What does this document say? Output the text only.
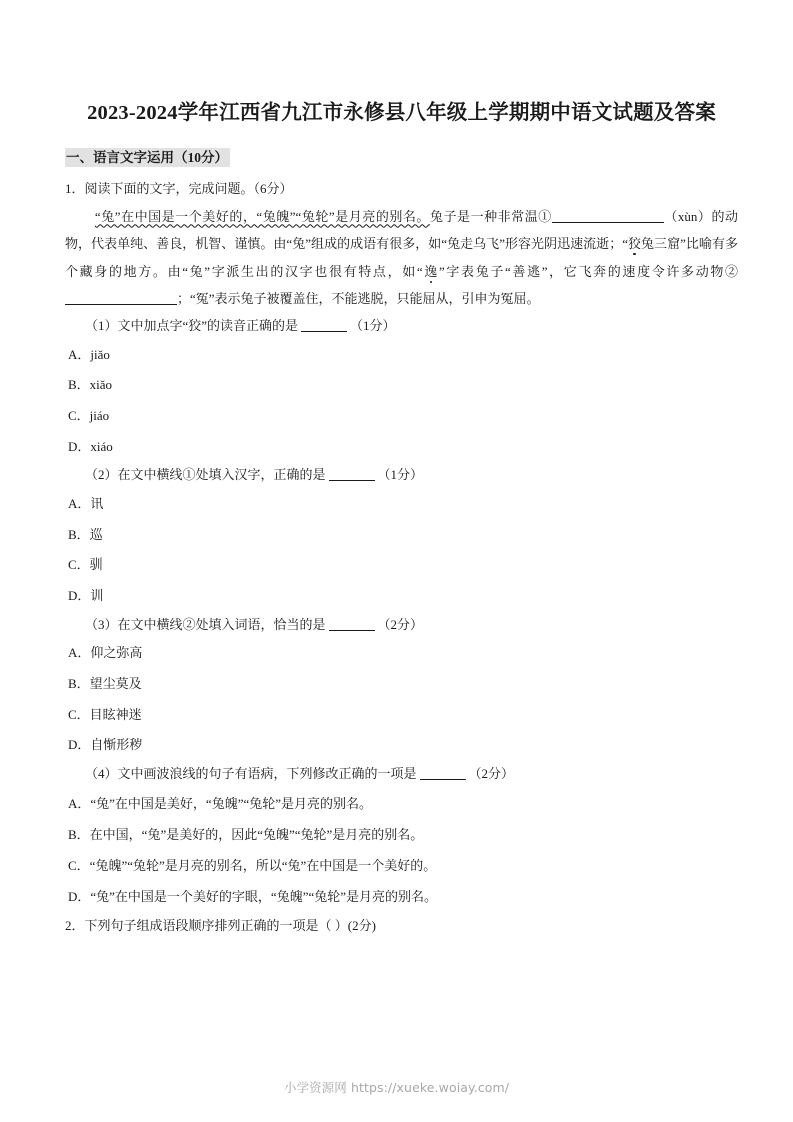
2023-2024学年江西省九江市永修县八年级上学期期中语文试题及答案
一、语言文字运用（10分）

1．阅读下面的文字，完成问题。（6分）

“兔”在中国是一个美好的，“兔魄”“兔轮”是月亮的别名。兔子是一种非常温①	（xùn）的动物，代表单纯、善良，机智、谨慎。由“兔”组成的成语有很多，如“兔走乌飞”形容光阴迅速流逝；“狡兔三窟”比喻有多个藏身的地方。由“兔”字派生出的汉字也很有特点，如“逸”字表兔子“善逃”，它飞奔的速度令许多动物②；“冤”表示兔子被覆盖住，不能逃脱，只能屈从，引申为冤屈。

（1）文中加点字“狡”的读音正确的是	（1分）

A．jiǎo

B．xiǎo

C．jiáo

D．xiáo

（2）在文中横线①处填入汉字，正确的是	（1分）

A．讯

B．巡

C．驯

D．训

（3）在文中横线②处填入词语，恰当的是	（2分）

A．仰之弥高

B．望尘莫及

C．目眩神迷

D．自惭形秽

（4）文中画波浪线的句子有语病，下列修改正确的一项是	（2分）

A．“兔”在中国是美好，“兔魄”“兔轮”是月亮的别名。

B．在中国，“兔”是美好的，因此“兔魄”“兔轮”是月亮的别名。

C．“兔魄”“兔轮”是月亮的别名，所以“兔”在中国是一个美好的。

D．“兔”在中国是一个美好的字眼，“兔魄”“兔轮”是月亮的别名。

2．下列句子组成语段顺序排列正确的一项是（ ）(2分)

小学资源网 https://xueke.woiay.com/
